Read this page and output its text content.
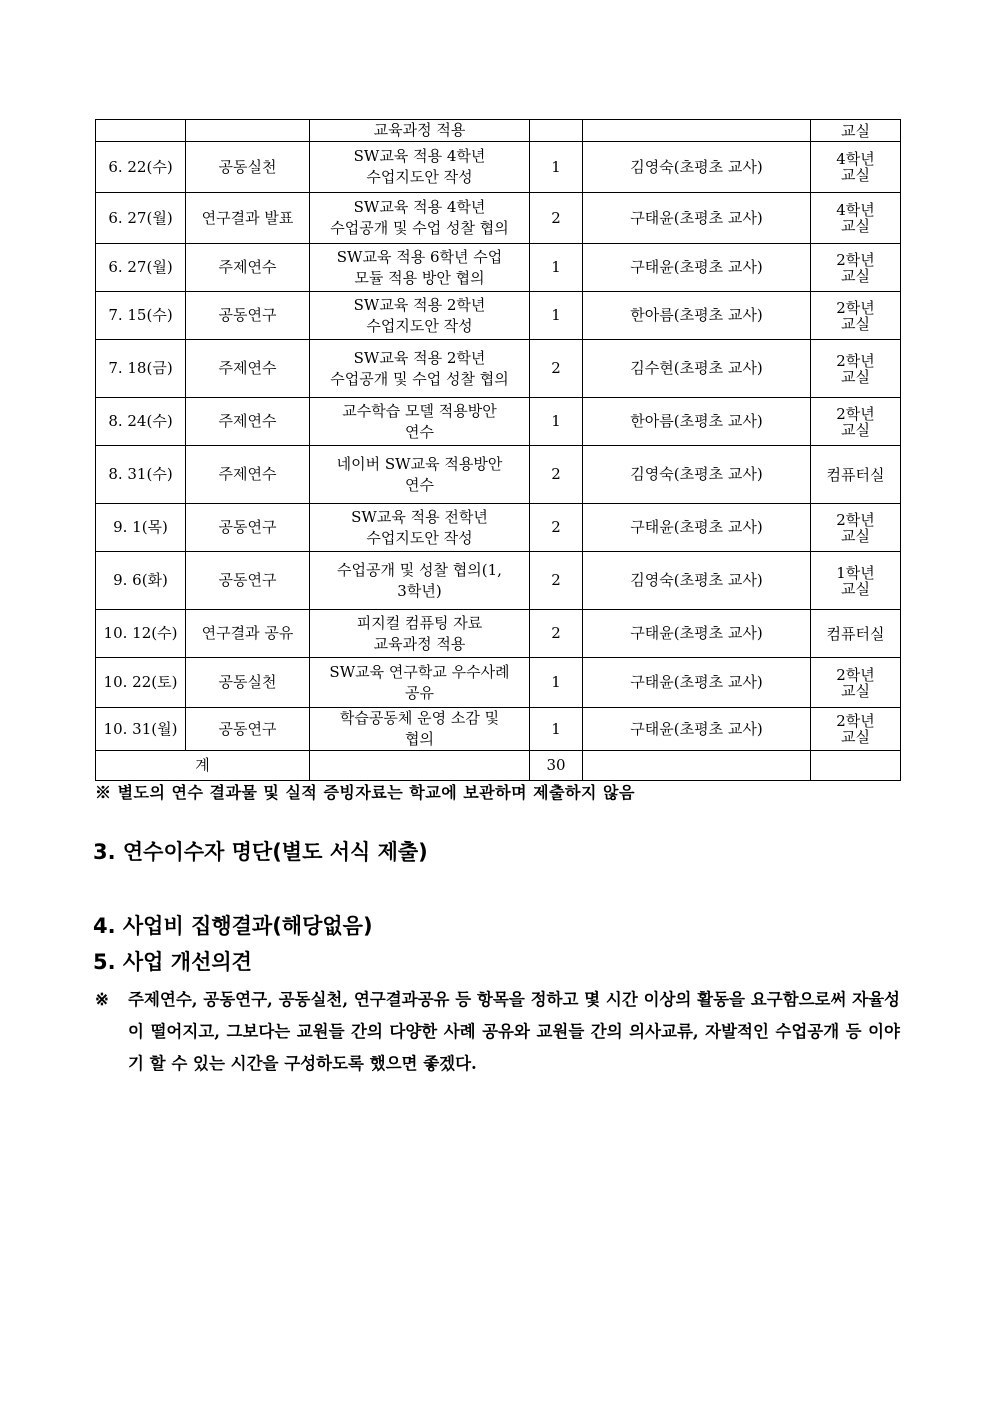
		교육과정 적용			교실

6. 22(수)	공동실천	SW교육 적용 4학년
수업지도안 작성	1	김영숙(초평초 교사)	4학년
교실

6. 27(월)	연구결과 발표	SW교육 적용 4학년
수업공개 및 수업 성찰 협의	2	구태윤(초평초 교사)	4학년
교실

6. 27(월)	주제연수	SW교육 적용 6학년 수업
모듈 적용 방안 협의	1	구태윤(초평초 교사)	2학년
교실

7. 15(수)	공동연구	SW교육 적용 2학년
수업지도안 작성	1	한아름(초평초 교사)	2학년
교실

7. 18(금)	주제연수	SW교육 적용 2학년
수업공개 및 수업 성찰 협의	2	김수현(초평초 교사)	2학년
교실

8. 24(수)	주제연수	교수학습 모델 적용방안
연수	1	한아름(초평초 교사)	2학년
교실

8. 31(수)	주제연수	네이버 SW교육 적용방안
연수	2	김영숙(초평초 교사)	컴퓨터실

9. 1(목)	공동연구	SW교육 적용 전학년
수업지도안 작성	2	구태윤(초평초 교사)	2학년
교실

9. 6(화)	공동연구	수업공개 및 성찰 협의(1,
3학년)	2	김영숙(초평초 교사)	1학년
교실

10. 12(수)	연구결과 공유	피지컬 컴퓨팅 자료
교육과정 적용	2	구태윤(초평초 교사)	컴퓨터실

10. 22(토)	공동실천	SW교육 연구학교 우수사례
공유	1	구태윤(초평초 교사)	2학년
교실

10. 31(월)	공동연구	학습공동체 운영 소감 및
협의	1	구태윤(초평초 교사)	2학년
교실

계			30		
※ 별도의 연수 결과물 및 실적 증빙자료는 학교에 보관하며 제출하지 않음
3. 연수이수자 명단(별도 서식 제출)
4. 사업비 집행결과(해당없음)
5. 사업 개선의견
※ 주제연수, 공동연구, 공동실천, 연구결과공유 등 항목을 정하고 몇 시간 이상의 활동을 요구함으로써 자율성이 떨어지고, 그보다는 교원들 간의 다양한 사례 공유와 교원들 간의 의사교류, 자발적인 수업공개 등 이야기 할 수 있는 시간을 구성하도록 했으면 좋겠다.
